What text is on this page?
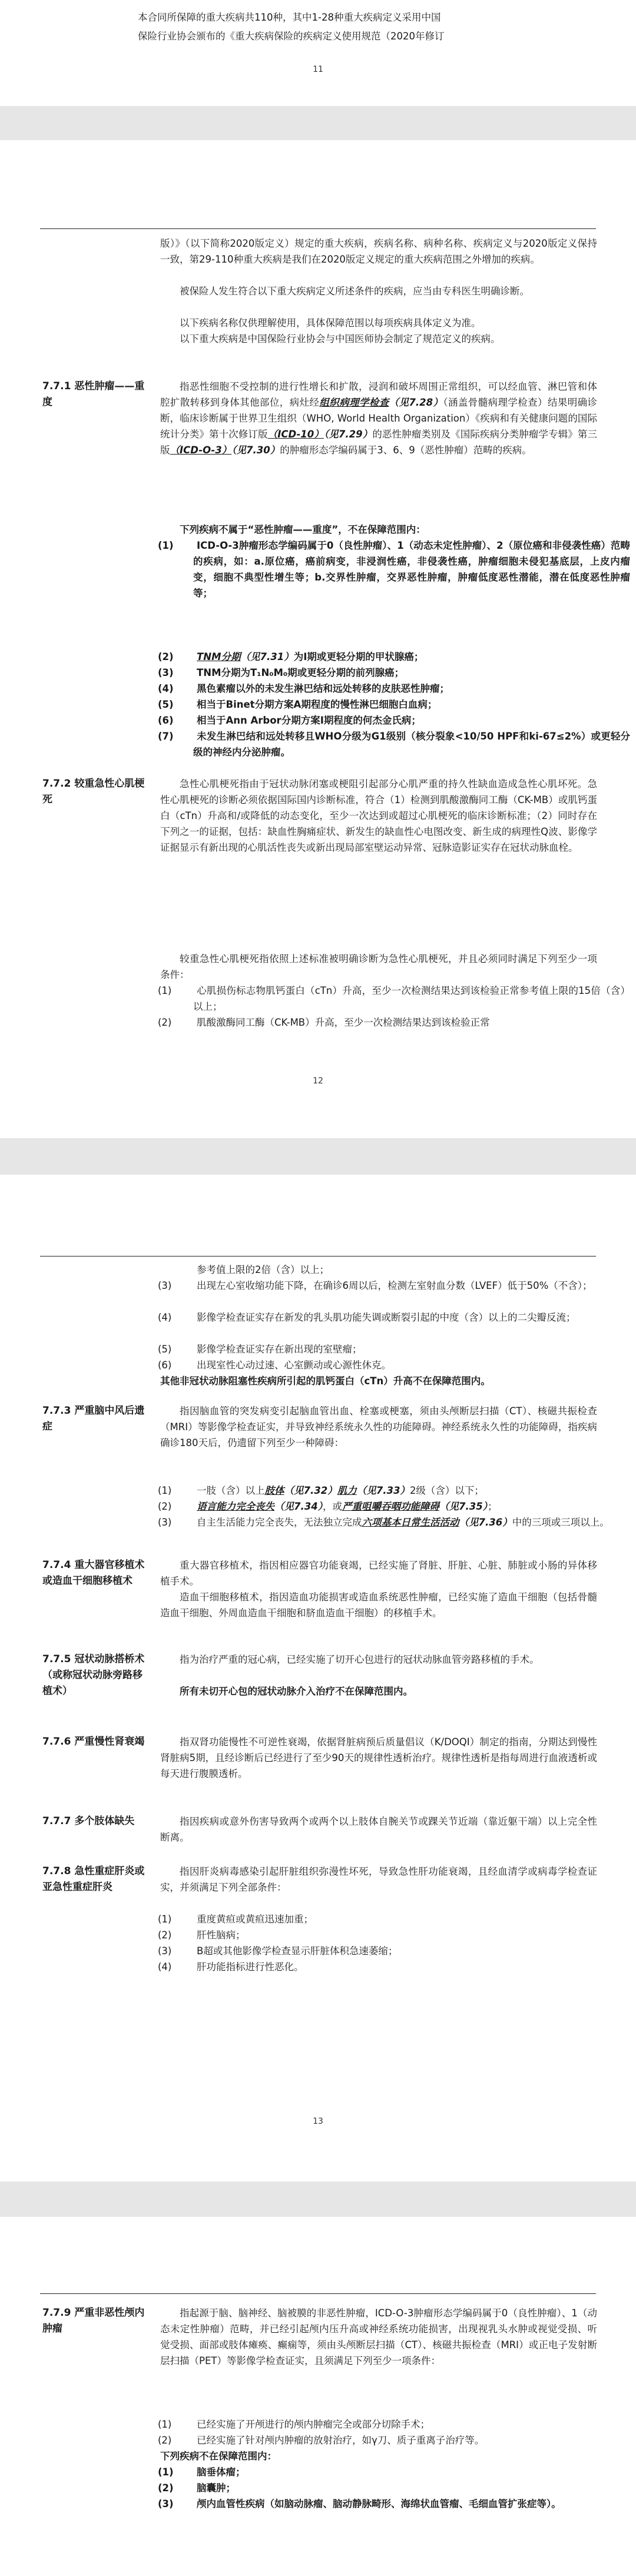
本合同所保障的重大疾病共110种，其中1-28种重大疾病定义采用中国

保险行业协会颁布的《重大疾病保险的疾病定义使用规范（2020年修订

11

版）》（以下简称2020版定义）规定的重大疾病，疾病名称、病种名称、疾病定义与2020版定义保持一致，第29-110种重大疾病是我们在2020版定义规定的重大疾病范围之外增加的疾病。

被保险人发生符合以下重大疾病定义所述条件的疾病，应当由专科医生明确诊断。

以下疾病名称仅供理解使用，具体保障范围以每项疾病具体定义为准。

以下重大疾病是中国保险行业协会与中国医师协会制定了规范定义的疾病。

7.7.1 恶性肿瘤——重度

指恶性细胞不受控制的进行性增长和扩散，浸润和破坏周围正常组织，可以经血管、淋巴管和体腔扩散转移到身体其他部位，病灶经组织病理学检查（见7.28）（涵盖骨髓病理学检查）结果明确诊断，临床诊断属于世界卫生组织（WHO, World Health Organization）《疾病和有关健康问题的国际统计分类》第十次修订版（ICD-10）（见7.29）的恶性肿瘤类别及《国际疾病分类肿瘤学专辑》第三版（ICD-O-3）（见7.30）的肿瘤形态学编码属于3、6、9（恶性肿瘤）范畴的疾病。

下列疾病不属于“恶性肿瘤——重度”，不在保障范围内：

(1) ICD-O-3肿瘤形态学编码属于0（良性肿瘤）、1（动态未定性肿瘤）、2（原位癌和非侵袭性癌）范畴的疾病，如：a.原位癌，癌前病变，非浸润性癌，非侵袭性癌，肿瘤细胞未侵犯基底层，上皮内瘤变，细胞不典型性增生等；b.交界性肿瘤，交界恶性肿瘤，肿瘤低度恶性潜能，潜在低度恶性肿瘤等；

(2) TNM分期（见7.31）为Ⅰ期或更轻分期的甲状腺癌；

(3) TNM分期为T₁N₀M₀期或更轻分期的前列腺癌；

(4) 黑色素瘤以外的未发生淋巴结和远处转移的皮肤恶性肿瘤；

(5) 相当于Binet分期方案A期程度的慢性淋巴细胞白血病；

(6) 相当于Ann Arbor分期方案Ⅰ期程度的何杰金氏病；

(7) 未发生淋巴结和远处转移且WHO分级为G1级别（核分裂象<10/50 HPF和ki-67≤2%）或更轻分级的神经内分泌肿瘤。

7.7.2 较重急性心肌梗死

急性心肌梗死指由于冠状动脉闭塞或梗阻引起部分心肌严重的持久性缺血造成急性心肌坏死。急性心肌梗死的诊断必须依据国际国内诊断标准，符合（1）检测到肌酸激酶同工酶（CK-MB）或肌钙蛋白（cTn）升高和/或降低的动态变化，至少一次达到或超过心肌梗死的临床诊断标准；（2）同时存在下列之一的证据，包括：缺血性胸痛症状、新发生的缺血性心电图改变、新生成的病理性Q波、影像学证据显示有新出现的心肌活性丧失或新出现局部室壁运动异常、冠脉造影证实存在冠状动脉血栓。

较重急性心肌梗死指依照上述标准被明确诊断为急性心肌梗死，并且必须同时满足下列至少一项条件：

(1)	心肌损伤标志物肌钙蛋白（cTn）升高，至少一次检测结果达到该检验正常参考值上限的15倍（含）以上；

(2)	肌酸激酶同工酶（CK-MB）升高，至少一次检测结果达到该检验正常

12

参考值上限的2倍（含）以上；

(3)	出现左心室收缩功能下降，在确诊6周以后，检测左室射血分数（LVEF）低于50%（不含）；

(4)	影像学检查证实存在新发的乳头肌功能失调或断裂引起的中度（含）以上的二尖瓣反流；

(5)	影像学检查证实存在新出现的室壁瘤；

(6)	出现室性心动过速、心室颤动或心源性休克。

其他非冠状动脉阻塞性疾病所引起的肌钙蛋白（cTn）升高不在保障范围内。

7.7.3 严重脑中风后遗症

指因脑血管的突发病变引起脑血管出血、栓塞或梗塞，须由头颅断层扫描（CT）、核磁共振检查（MRI）等影像学检查证实，并导致神经系统永久性的功能障碍。神经系统永久性的功能障碍，指疾病确诊180天后，仍遗留下列至少一种障碍：

(1)	一肢（含）以上肢体（见7.32）肌力（见7.33）2级（含）以下；

(2)	语言能力完全丧失（见7.34），或严重咀嚼吞咽功能障碍（见7.35）；

(3)	自主生活能力完全丧失，无法独立完成六项基本日常生活活动（见7.36）中的三项或三项以上。

7.7.4 重大器官移植术或造血干细胞移植术

重大器官移植术，指因相应器官功能衰竭，已经实施了肾脏、肝脏、心脏、肺脏或小肠的异体移植手术。

造血干细胞移植术，指因造血功能损害或造血系统恶性肿瘤，已经实施了造血干细胞（包括骨髓造血干细胞、外周血造血干细胞和脐血造血干细胞）的移植手术。

7.7.5 冠状动脉搭桥术（或称冠状动脉旁路移植术）

指为治疗严重的冠心病，已经实施了切开心包进行的冠状动脉血管旁路移植的手术。

所有未切开心包的冠状动脉介入治疗不在保障范围内。

7.7.6 严重慢性肾衰竭	指双肾功能慢性不可逆性衰竭，依据肾脏病预后质量倡议（K/DOQI）制定的指南，分期达到慢性肾脏病5期，且经诊断后已经进行了至少90天的规律性透析治疗。规律性透析是指每周进行血液透析或每天进行腹膜透析。

7.7.7 多个肢体缺失	指因疾病或意外伤害导致两个或两个以上肢体自腕关节或踝关节近端（靠近躯干端）以上完全性断离。

7.7.8 急性重症肝炎或亚急性重症肝炎

指因肝炎病毒感染引起肝脏组织弥漫性坏死，导致急性肝功能衰竭，且经血清学或病毒学检查证实，并须满足下列全部条件：

(1)	重度黄疸或黄疸迅速加重；

(2)	肝性脑病；

(3)	B超或其他影像学检查显示肝脏体积急速萎缩；

(4)	肝功能指标进行性恶化。

13

7.7.9 严重非恶性颅内肿瘤

指起源于脑、脑神经、脑被膜的非恶性肿瘤，ICD-O-3肿瘤形态学编码属于0（良性肿瘤）、1（动态未定性肿瘤）范畴，并已经引起颅内压升高或神经系统功能损害，出现视乳头水肿或视觉受损、听觉受损、面部或肢体瘫痪、癫痫等，须由头颅断层扫描（CT）、核磁共振检查（MRI）或正电子发射断层扫描（PET）等影像学检查证实，且须满足下列至少一项条件：

(1)	已经实施了开颅进行的颅内肿瘤完全或部分切除手术；

(2)	已经实施了针对颅内肿瘤的放射治疗，如γ刀、质子重离子治疗等。

下列疾病不在保障范围内：

(1) 脑垂体瘤；

(2) 脑囊肿；

(3) 颅内血管性疾病（如脑动脉瘤、脑动静脉畸形、海绵状血管瘤、毛细血管扩张症等）。
